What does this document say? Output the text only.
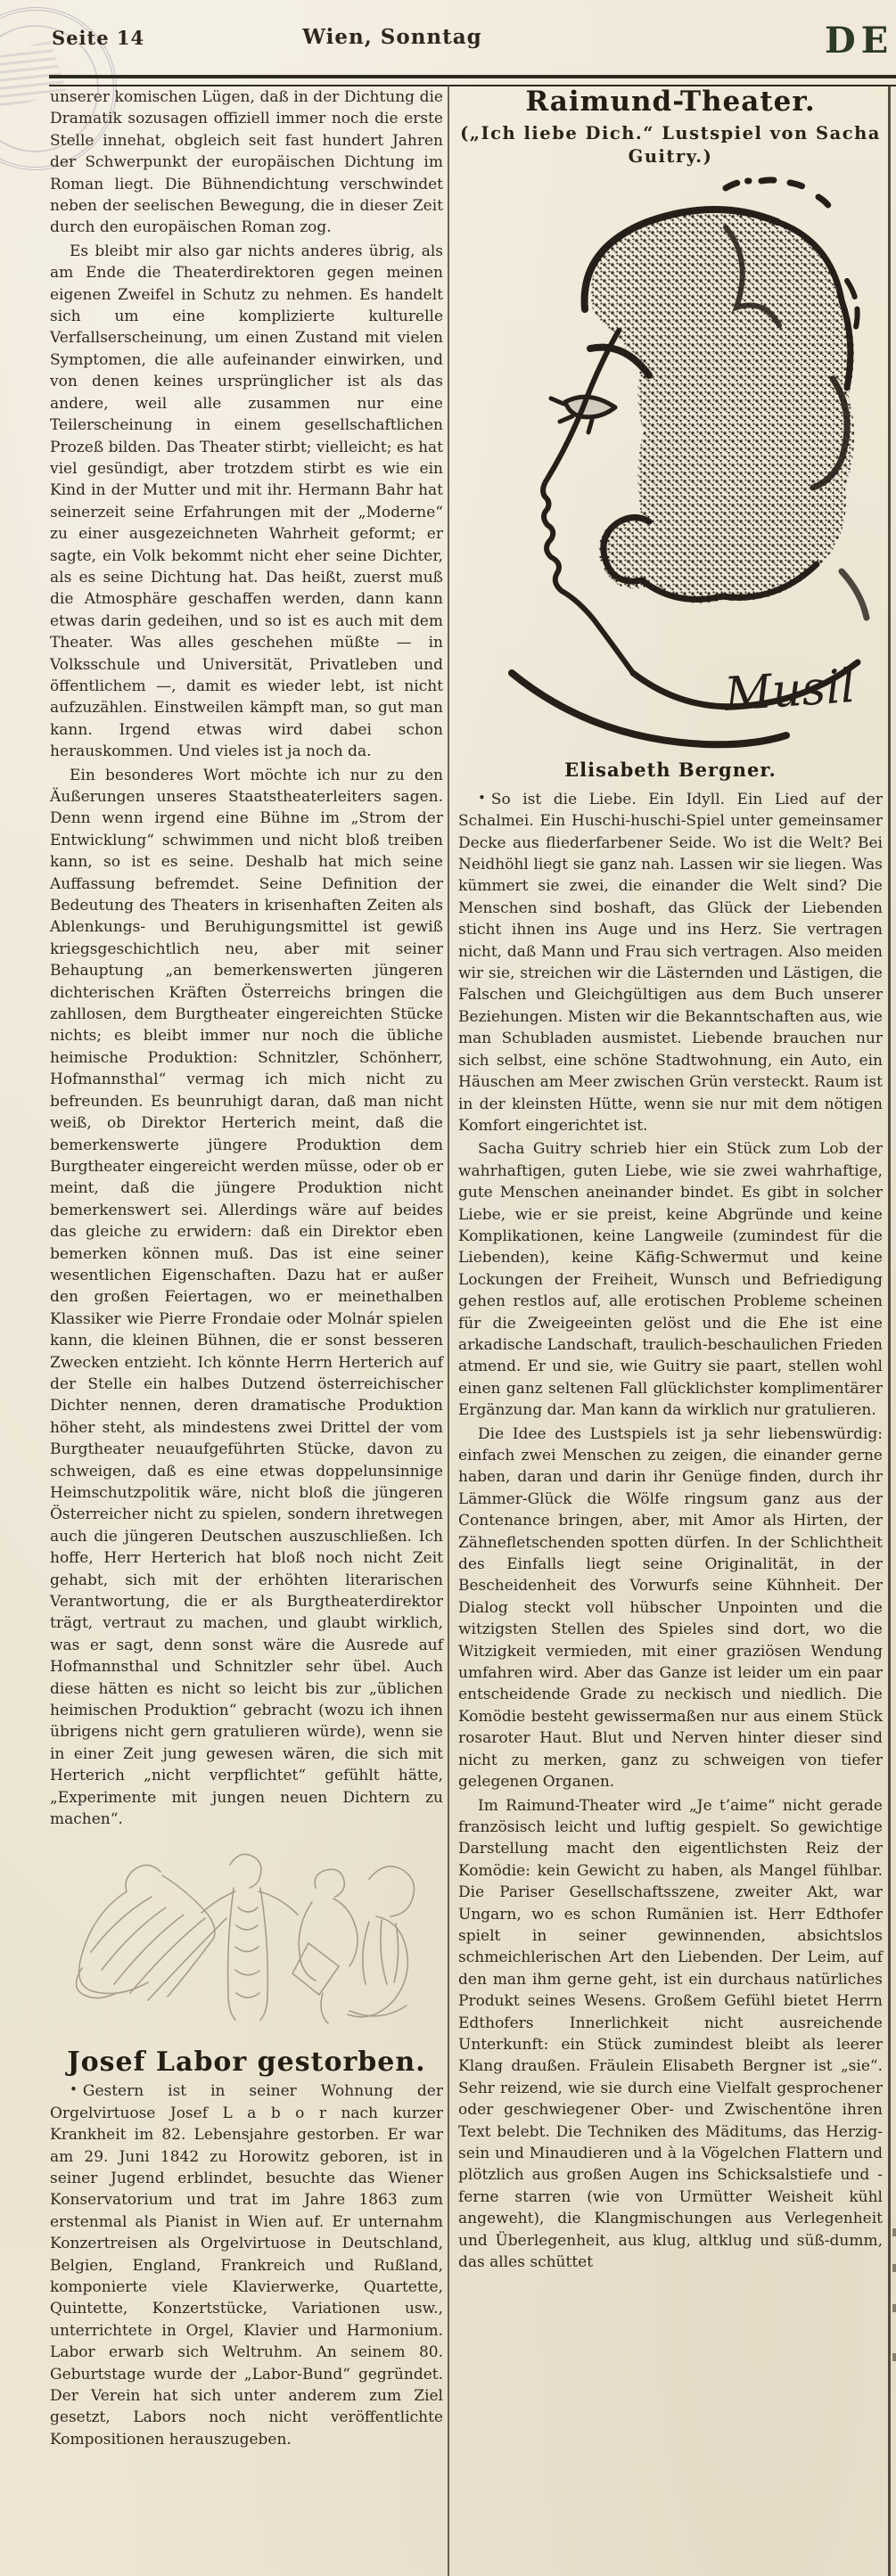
Seite 14	Wien, Sonntag	DE

unserer komischen Lügen, daß in der Dichtung die Dramatik sozusagen offiziell immer noch die erste Stelle innehat, obgleich seit fast hundert Jahren der Schwerpunkt der europäischen Dichtung im Roman liegt. Die Bühnendichtung verschwindet neben der seelischen Bewegung, die in dieser Zeit durch den europäischen Roman zog.

Es bleibt mir also gar nichts anderes übrig, als am Ende die Theaterdirektoren gegen meinen eigenen Zweifel in Schutz zu nehmen. Es handelt sich um eine komplizierte kulturelle Verfallserscheinung, um einen Zustand mit vielen Symptomen, die alle aufeinander einwirken, und von denen keines ursprünglicher ist als das andere, weil alle zusammen nur eine Teilerscheinung in einem gesellschaftlichen Prozeß bilden. Das Theater stirbt; vielleicht; es hat viel gesündigt, aber trotzdem stirbt es wie ein Kind in der Mutter und mit ihr. Hermann Bahr hat seinerzeit seine Erfahrungen mit der „Moderne“ zu einer ausgezeichneten Wahrheit geformt; er sagte, ein Volk bekommt nicht eher seine Dichter, als es seine Dichtung hat. Das heißt, zuerst muß die Atmosphäre geschaffen werden, dann kann etwas darin gedeihen, und so ist es auch mit dem Theater. Was alles geschehen müßte — in Volksschule und Universität, Privatleben und öffentlichem —, damit es wieder lebt, ist nicht aufzuzählen. Einstweilen kämpft man, so gut man kann. Irgend etwas wird dabei schon herauskommen. Und vieles ist ja noch da.

Ein besonderes Wort möchte ich nur zu den Äußerungen unseres Staatstheaterleiters sagen. Denn wenn irgend eine Bühne im „Strom der Entwicklung“ schwimmen und nicht bloß treiben kann, so ist es seine. Deshalb hat mich seine Auffassung befremdet. Seine Definition der Bedeutung des Theaters in krisenhaften Zeiten als Ablenkungs- und Beruhigungsmittel ist gewiß kriegsgeschichtlich neu, aber mit seiner Behauptung „an bemerkenswerten jüngeren dichterischen Kräften Österreichs bringen die zahllosen, dem Burgtheater eingereichten Stücke nichts; es bleibt immer nur noch die übliche heimische Produktion: Schnitzler, Schönherr, Hofmannsthal“ vermag ich mich nicht zu befreunden. Es beunruhigt daran, daß man nicht weiß, ob Direktor Herterich meint, daß die bemerkenswerte jüngere Produktion dem Burgtheater eingereicht werden müsse, oder ob er meint, daß die jüngere Produktion nicht bemerkenswert sei. Allerdings wäre auf beides das gleiche zu erwidern: daß ein Direktor eben bemerken können muß. Das ist eine seiner wesentlichen Eigenschaften. Dazu hat er außer den großen Feiertagen, wo er meinethalben Klassiker wie Pierre Frondaie oder Molnár spielen kann, die kleinen Bühnen, die er sonst besseren Zwecken entzieht. Ich könnte Herrn Herterich auf der Stelle ein halbes Dutzend österreichischer Dichter nennen, deren dramatische Produktion höher steht, als mindestens zwei Drittel der vom Burgtheater neuaufgeführten Stücke, davon zu schweigen, daß es eine etwas doppelunsinnige Heimschutzpolitik wäre, nicht bloß die jüngeren Österreicher nicht zu spielen, sondern ihretwegen auch die jüngeren Deutschen auszuschließen. Ich hoffe, Herr Herterich hat bloß noch nicht Zeit gehabt, sich mit der erhöhten literarischen Verantwortung, die er als Burgtheaterdirektor trägt, vertraut zu machen, und glaubt wirklich, was er sagt, denn sonst wäre die Ausrede auf Hofmannsthal und Schnitzler sehr übel. Auch diese hätten es nicht so leicht bis zur „üblichen heimischen Produktion“ gebracht (wozu ich ihnen übrigens nicht gern gratulieren würde), wenn sie in einer Zeit jung gewesen wären, die sich mit Herterich „nicht verpflichtet“ gefühlt hätte, „Experimente mit jungen neuen Dichtern zu machen“.

Josef Labor gestorben.

• Gestern ist in seiner Wohnung der Orgelvirtuose Josef L a b o r nach kurzer Krankheit im 82. Lebensjahre gestorben. Er war am 29. Juni 1842 zu Horowitz geboren, ist in seiner Jugend erblindet, besuchte das Wiener Konservatorium und trat im Jahre 1863 zum erstenmal als Pianist in Wien auf. Er unternahm Konzertreisen als Orgelvirtuose in Deutschland, Belgien, England, Frankreich und Rußland, komponierte viele Klavierwerke, Quartette, Quintette, Konzertstücke, Variationen usw., unterrichtete in Orgel, Klavier und Harmonium. Labor erwarb sich Weltruhm. An seinem 80. Geburtstage wurde der „Labor-Bund“ gegründet. Der Verein hat sich unter anderem zum Ziel gesetzt, Labors noch nicht veröffentlichte Kompositionen herauszugeben.

Raimund-Theater.
(„Ich liebe Dich.“ Lustspiel von Sacha Guitry.)
Musil
Elisabeth Bergner.

• So ist die Liebe. Ein Idyll. Ein Lied auf der Schalmei. Ein Huschi-huschi-Spiel unter gemeinsamer Decke aus fliederfarbener Seide. Wo ist die Welt? Bei Neidhöhl liegt sie ganz nah. Lassen wir sie liegen. Was kümmert sie zwei, die einander die Welt sind? Die Menschen sind boshaft, das Glück der Liebenden sticht ihnen ins Auge und ins Herz. Sie vertragen nicht, daß Mann und Frau sich vertragen. Also meiden wir sie, streichen wir die Lästernden und Lästigen, die Falschen und Gleichgültigen aus dem Buch unserer Beziehungen. Misten wir die Bekanntschaften aus, wie man Schubladen ausmistet. Liebende brauchen nur sich selbst, eine schöne Stadtwohnung, ein Auto, ein Häuschen am Meer zwischen Grün versteckt. Raum ist in der kleinsten Hütte, wenn sie nur mit dem nötigen Komfort eingerichtet ist.

Sacha Guitry schrieb hier ein Stück zum Lob der wahrhaftigen, guten Liebe, wie sie zwei wahrhaftige, gute Menschen aneinander bindet. Es gibt in solcher Liebe, wie er sie preist, keine Abgründe und keine Komplikationen, keine Langweile (zumindest für die Liebenden), keine Käfig-Schwermut und keine Lockungen der Freiheit, Wunsch und Befriedigung gehen restlos auf, alle erotischen Probleme scheinen für die Zweigeeinten gelöst und die Ehe ist eine arkadische Landschaft, traulich-beschaulichen Frieden atmend. Er und sie, wie Guitry sie paart, stellen wohl einen ganz seltenen Fall glücklichster komplimentärer Ergänzung dar. Man kann da wirklich nur gratulieren.

Die Idee des Lustspiels ist ja sehr liebenswürdig: einfach zwei Menschen zu zeigen, die einander gerne haben, daran und darin ihr Genüge finden, durch ihr Lämmer-Glück die Wölfe ringsum ganz aus der Contenance bringen, aber, mit Amor als Hirten, der Zähnefletschenden spotten dürfen. In der Schlichtheit des Einfalls liegt seine Originalität, in der Bescheidenheit des Vorwurfs seine Kühnheit. Der Dialog steckt voll hübscher Unpointen und die witzigsten Stellen des Spieles sind dort, wo die Witzigkeit vermieden, mit einer graziösen Wendung umfahren wird. Aber das Ganze ist leider um ein paar entscheidende Grade zu neckisch und niedlich. Die Komödie besteht gewissermaßen nur aus einem Stück rosaroter Haut. Blut und Nerven hinter dieser sind nicht zu merken, ganz zu schweigen von tiefer gelegenen Organen.

Im Raimund-Theater wird „Je t’aime“ nicht gerade französisch leicht und luftig gespielt. So gewichtige Darstellung macht den eigentlichsten Reiz der Komödie: kein Gewicht zu haben, als Mangel fühlbar. Die Pariser Gesellschaftsszene, zweiter Akt, war Ungarn, wo es schon Rumänien ist. Herr Edthofer spielt in seiner gewinnenden, absichtslos schmeichlerischen Art den Liebenden. Der Leim, auf den man ihm gerne geht, ist ein durchaus natürliches Produkt seines Wesens. Großem Gefühl bietet Herrn Edthofers Innerlichkeit nicht ausreichende Unterkunft: ein Stück zumindest bleibt als leerer Klang draußen. Fräulein Elisabeth Bergner ist „sie“. Sehr reizend, wie sie durch eine Vielfalt gesprochener oder geschwiegener Ober- und Zwischentöne ihren Text belebt. Die Techniken des Mäditums, das Herzig-sein und Minaudieren und à la Vögelchen Flattern und plötzlich aus großen Augen ins Schicksalstiefe und -ferne starren (wie von Urmütter Weisheit kühl angeweht), die Klangmischungen aus Verlegenheit und Überlegenheit, aus klug, altklug und süß-dumm, das alles schüttet
